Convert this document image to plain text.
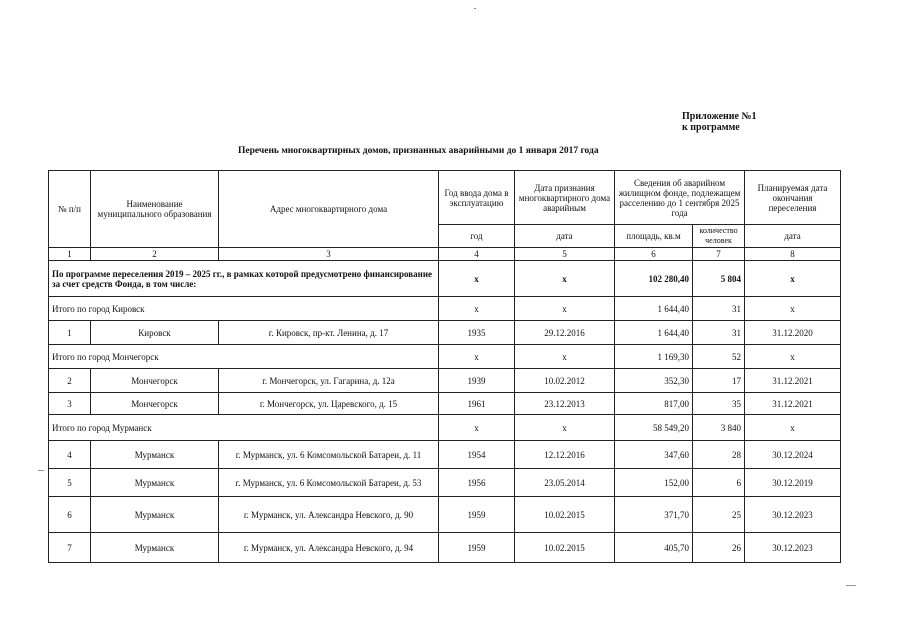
Приложение №1
к программе
Перечень многоквартирных домов, признанных аварийными до 1 января 2017 года
№ п/п	Наименование муниципального образования	Адрес многоквартирного дома	Год ввода дома в эксплуатацию	Дата признания многоквартирного дома аварийным	Сведения об аварийном жилищном фонде, подлежащем расселению до 1 сентября 2025 года		Планируемая дата окончания переселения
			год	дата	площадь, кв.м	количество человек	дата
1	2	3	4	5	6	7	8
По программе переселения 2019 – 2025 гг., в рамках которой предусмотрено финансирование за счет средств Фонда, в том числе:			x	x	102 280,40	5 804	x
Итого по город Кировск			x	x	1 644,40	31	x
1	Кировск	г. Кировск, пр-кт. Ленина, д. 17	1935	29.12.2016	1 644,40	31	31.12.2020
Итого по город Мончегорск			x	x	1 169,30	52	x
2	Мончегорск	г. Мончегорск, ул. Гагарина, д. 12а	1939	10.02.2012	352,30	17	31.12.2021
3	Мончегорск	г. Мончегорск, ул. Царевского, д. 15	1961	23.12.2013	817,00	35	31.12.2021
Итого по город Мурманск			x	x	58 549,20	3 840	x
4	Мурманск	г. Мурманск, ул. 6 Комсомольской Батареи, д. 11	1954	12.12.2016	347,60	28	30.12.2024
5	Мурманск	г. Мурманск, ул. 6 Комсомольской Батареи, д. 53	1956	23.05.2014	152,00	6	30.12.2019
6	Мурманск	г. Мурманск, ул. Александра Невского, д. 90	1959	10.02.2015	371,70	25	30.12.2023
7	Мурманск	г. Мурманск, ул. Александра Невского, д. 94	1959	10.02.2015	405,70	26	30.12.2023
